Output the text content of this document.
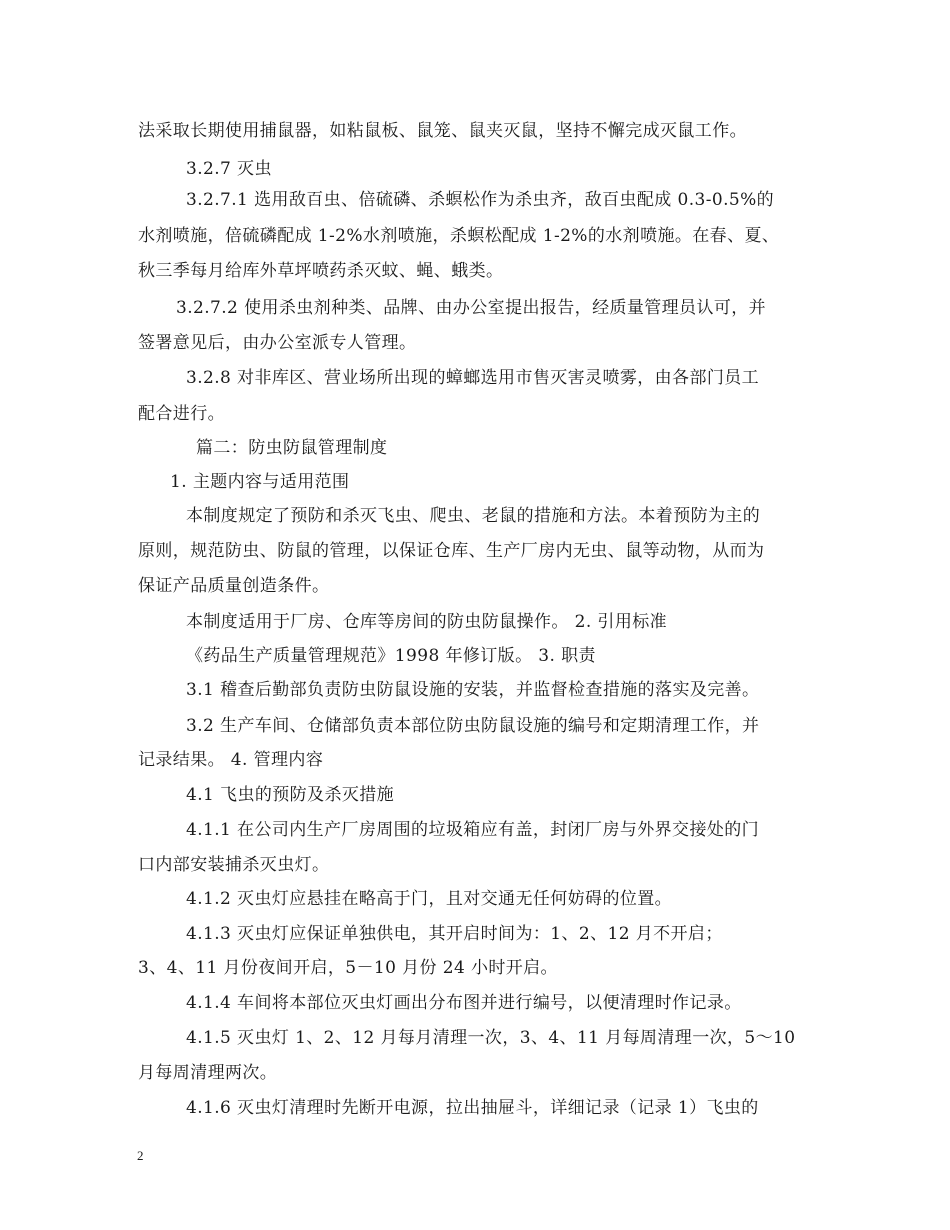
法采取长期使用捕鼠器，如粘鼠板、鼠笼、鼠夹灭鼠，坚持不懈完成灭鼠工作。
3.2.7 灭虫
3.2.7.1 选用敌百虫、倍硫磷、杀螟松作为杀虫齐，敌百虫配成 0.3-0.5%的
水剂喷施，倍硫磷配成 1-2%水剂喷施，杀螟松配成 1-2%的水剂喷施。在春、夏、
秋三季每月给库外草坪喷药杀灭蚊、蝇、蛾类。
3.2.7.2 使用杀虫剂种类、品牌、由办公室提出报告，经质量管理员认可，并
签署意见后，由办公室派专人管理。
3.2.8 对非库区、营业场所出现的蟑螂选用市售灭害灵喷雾，由各部门员工
配合进行。
篇二：防虫防鼠管理制度
1. 主题内容与适用范围
本制度规定了预防和杀灭飞虫、爬虫、老鼠的措施和方法。本着预防为主的
原则，规范防虫、防鼠的管理，以保证仓库、生产厂房内无虫、鼠等动物，从而为
保证产品质量创造条件。
本制度适用于厂房、仓库等房间的防虫防鼠操作。 2. 引用标准
《药品生产质量管理规范》1998 年修订版。 3. 职责
3.1 稽查后勤部负责防虫防鼠设施的安装，并监督检查措施的落实及完善。
3.2 生产车间、仓储部负责本部位防虫防鼠设施的编号和定期清理工作，并
记录结果。 4. 管理内容
4.1 飞虫的预防及杀灭措施
4.1.1 在公司内生产厂房周围的垃圾箱应有盖，封闭厂房与外界交接处的门
口内部安装捕杀灭虫灯。
4.1.2 灭虫灯应悬挂在略高于门，且对交通无任何妨碍的位置。
4.1.3 灭虫灯应保证单独供电，其开启时间为：1、2、12 月不开启；
3、4、11 月份夜间开启，5－10 月份 24 小时开启。
4.1.4 车间将本部位灭虫灯画出分布图并进行编号，以便清理时作记录。
4.1.5 灭虫灯 1、2、12 月每月清理一次，3、4、11 月每周清理一次，5～10
月每周清理两次。
4.1.6 灭虫灯清理时先断开电源，拉出抽屉斗，详细记录（记录 1）飞虫的
2
